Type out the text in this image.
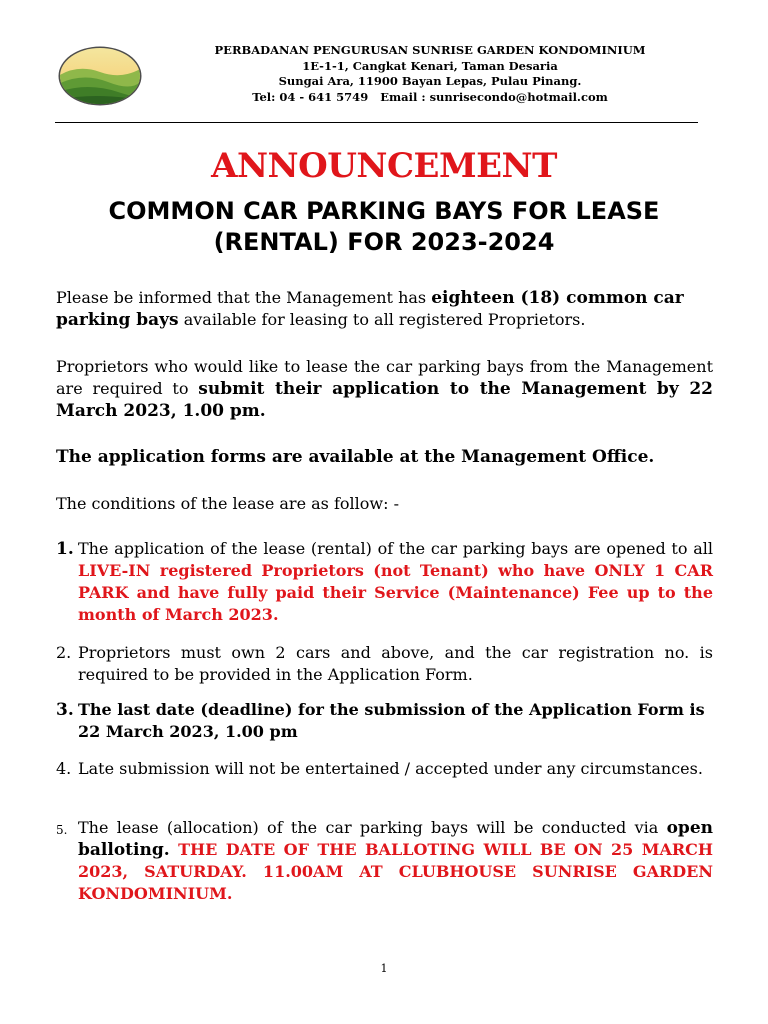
PERBADANAN PENGURUSAN SUNRISE GARDEN KONDOMINIUM
1E-1-1, Cangkat Kenari, Taman Desaria
Sungai Ara, 11900 Bayan Lepas, Pulau Pinang.
Tel: 04 - 641 5749   Email : sunrisecondo@hotmail.com
ANNOUNCEMENT
COMMON CAR PARKING BAYS FOR LEASE
(RENTAL) FOR 2023-2024
Please be informed that the Management has eighteen (18) common car parking bays available for leasing to all registered Proprietors.
Proprietors who would like to lease the car parking bays from the Management are required to submit their application to the Management by 22 March 2023, 1.00 pm.
The application forms are available at the Management Office.
The conditions of the lease are as follow: -
1. The application of the lease (rental) of the car parking bays are opened to all LIVE-IN registered Proprietors (not Tenant) who have ONLY 1 CAR PARK and have fully paid their Service (Maintenance) Fee up to the month of March 2023.
2. Proprietors must own 2 cars and above, and the car registration no. is required to be provided in the Application Form.
3. The last date (deadline) for the submission of the Application Form is 22 March 2023, 1.00 pm
4. Late submission will not be entertained / accepted under any circumstances.
5. The lease (allocation) of the car parking bays will be conducted via open balloting. THE DATE OF THE BALLOTING WILL BE ON 25 MARCH 2023, SATURDAY. 11.00AM AT CLUBHOUSE SUNRISE GARDEN KONDOMINIUM.
1
